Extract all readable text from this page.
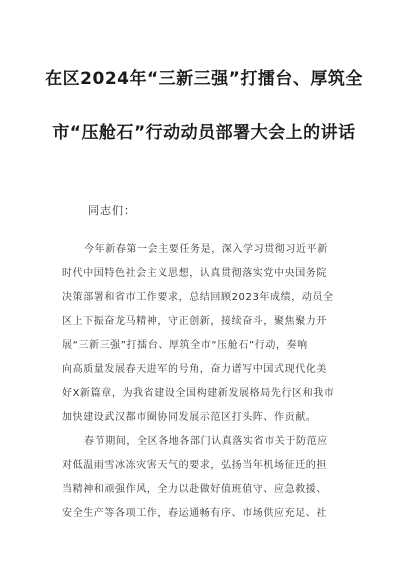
在区2024年“三新三强”打擂台、厚筑全
市“压舱石”行动动员部署大会上的讲话
同志们：
今年新春第一会主要任务是，深入学习贯彻习近平新
时代中国特色社会主义思想，认真贯彻落实党中央国务院
决策部署和省市工作要求，总结回顾2023年成绩，动员全
区上下振奋龙马精神，守正创新，接续奋斗，聚焦聚力开
展“三新三强”打擂台、厚筑全市“压舱石”行动，奏响
向高质量发展春天进军的号角，奋力谱写中国式现代化美
好X新篇章，为我省建设全国构建新发展格局先行区和我市
加快建设武汉都市圈协同发展示范区打头阵、作贡献。
春节期间，全区各地各部门认真落实省市关于防范应
对低温雨雪冰冻灾害天气的要求，弘扬当年机场征迁的担
当精神和顽强作风，全力以赴做好值班值守、应急救援、
安全生产等各项工作，春运通畅有序、市场供应充足、社
